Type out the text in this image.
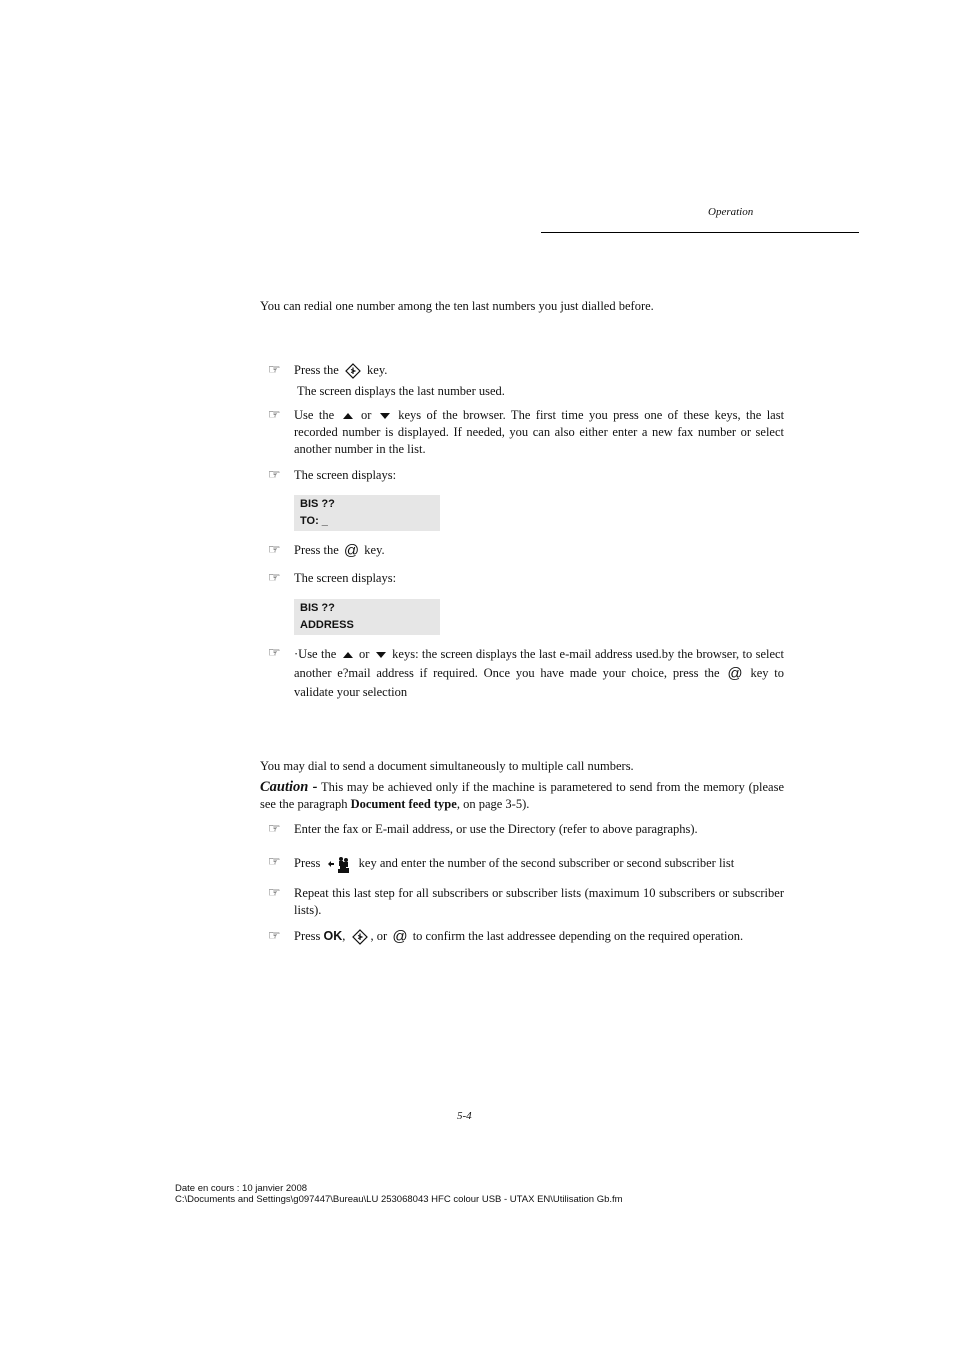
Operation
You can redial one number among the ten last numbers you just dialled before.
☞	Press the key.
The screen displays the last number used.
☞	Use the or keys of the browser. The first time you press one of these keys, the last recorded number is displayed. If needed, you can also either enter a new fax number or select another number in the list.
☞	The screen displays:
BIS ??
TO: _
☞	Press the @ key.
☞	The screen displays:
BIS ??
ADDRESS
☞	·Use the or keys: the screen displays the last e-mail address used.by the browser, to select another e?mail address if required. Once you have made your choice, press the @ key to validate your selection
You may dial to send a document simultaneously to multiple call numbers.
Caution - This may be achieved only if the machine is parametered to send from the memory (please see the paragraph Document feed type, on page 3-5).
☞	Enter the fax or E-mail address, or use the Directory (refer to above paragraphs).
☞	Press	key and enter the number of the second subscriber or second subscriber list
☞	Repeat this last step for all subscribers or subscriber lists (maximum 10 subscribers or subscriber lists).
☞	Press OK, , or @ to confirm the last addressee depending on the required operation.
5-4
Date en cours : 10 janvier 2008
C:\Documents and Settings\g097447\Bureau\LU 253068043 HFC colour USB - UTAX EN\Utilisation Gb.fm
